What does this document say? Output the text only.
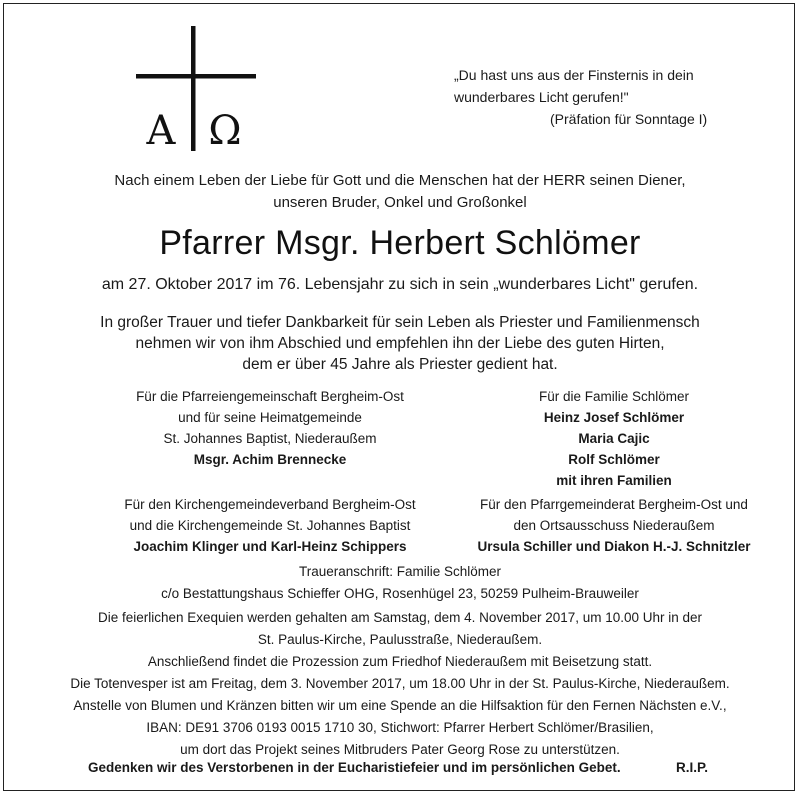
A Ω
„Du hast uns aus der Finsternis in dein
wunderbares Licht gerufen!"
(Präfation für Sonntage I)
Nach einem Leben der Liebe für Gott und die Menschen hat der HERR seinen Diener,
unseren Bruder, Onkel und Großonkel
Pfarrer Msgr. Herbert Schlömer
am 27. Oktober 2017 im 76. Lebensjahr zu sich in sein „wunderbares Licht" gerufen.
In großer Trauer und tiefer Dankbarkeit für sein Leben als Priester und Familienmensch
nehmen wir von ihm Abschied und empfehlen ihn der Liebe des guten Hirten,
dem er über 45 Jahre als Priester gedient hat.
Für die Pfarreiengemeinschaft Bergheim-Ost
und für seine Heimatgemeinde
St. Johannes Baptist, Niederaußem
Msgr. Achim Brennecke
Für die Familie Schlömer
Heinz Josef Schlömer
Maria Cajic
Rolf Schlömer
mit ihren Familien
Für den Kirchengemeindeverband Bergheim-Ost
und die Kirchengemeinde St. Johannes Baptist
Joachim Klinger und Karl-Heinz Schippers
Für den Pfarrgemeinderat Bergheim-Ost und
den Ortsausschuss Niederaußem
Ursula Schiller und Diakon H.-J. Schnitzler
Traueranschrift: Familie Schlömer
c/o Bestattungshaus Schieffer OHG, Rosenhügel 23, 50259 Pulheim-Brauweiler
Die feierlichen Exequien werden gehalten am Samstag, dem 4. November 2017, um 10.00 Uhr in der
St. Paulus-Kirche, Paulusstraße, Niederaußem.
Anschließend findet die Prozession zum Friedhof Niederaußem mit Beisetzung statt.
Die Totenvesper ist am Freitag, dem 3. November 2017, um 18.00 Uhr in der St. Paulus-Kirche, Niederaußem.
Anstelle von Blumen und Kränzen bitten wir um eine Spende an die Hilfsaktion für den Fernen Nächsten e.V.,
IBAN: DE91 3706 0193 0015 1710 30, Stichwort: Pfarrer Herbert Schlömer/Brasilien,
um dort das Projekt seines Mitbruders Pater Georg Rose zu unterstützen.
Gedenken wir des Verstorbenen in der Eucharistiefeier und im persönlichen Gebet.	R.I.P.
